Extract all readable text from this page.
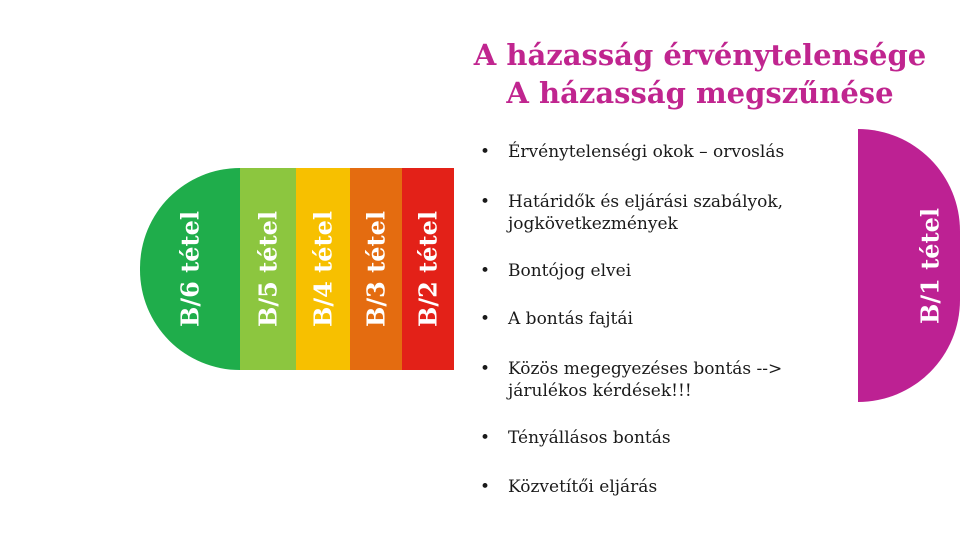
A házasság érvénytelensége
A házasság megszűnése
B/6 tétel B/5 tétel B/4 tétel B/3 tétel B/2 tétel	B/1 tétel
• Érvénytelenségi okok – orvoslás
• Határidők és eljárási szabályok, jogkövetkezmények
• Bontójog elvei
• A bontás fajtái
• Közös megegyezéses bontás --> járulékos kérdések!!!
• Tényállásos bontás
• Közvetítői eljárás
